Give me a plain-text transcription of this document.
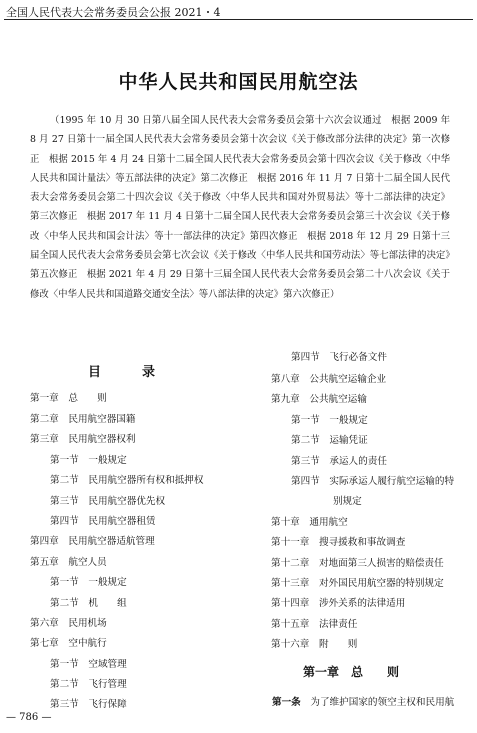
全国人民代表大会常务委员会公报 2021・4
中华人民共和国民用航空法
（1995 年 10 月 30 日第八届全国人民代表大会常务委员会第十六次会议通过　根据 2009 年 8 月 27 日第十一届全国人民代表大会常务委员会第十次会议《关于修改部分法律的决定》第一次修正　根据 2015 年 4 月 24 日第十二届全国人民代表大会常务委员会第十四次会议《关于修改〈中华人民共和国计量法〉等五部法律的决定》第二次修正　根据 2016 年 11 月 7 日第十二届全国人民代表大会常务委员会第二十四次会议《关于修改〈中华人民共和国对外贸易法〉等十二部法律的决定》第三次修正　根据 2017 年 11 月 4 日第十二届全国人民代表大会常务委员会第三十次会议《关于修改〈中华人民共和国会计法〉等十一部法律的决定》第四次修正　根据 2018 年 12 月 29 日第十三届全国人民代表大会常务委员会第七次会议《关于修改〈中华人民共和国劳动法〉等七部法律的决定》第五次修正　根据 2021 年 4 月 29 日第十三届全国人民代表大会常务委员会第二十八次会议《关于修改〈中华人民共和国道路交通安全法〉等八部法律的决定》第六次修正）
目　录
第一章　总　　则
第二章　民用航空器国籍
第三章　民用航空器权利
第一节　一般规定
第二节　民用航空器所有权和抵押权
第三节　民用航空器优先权
第四节　民用航空器租赁
第四章　民用航空器适航管理
第五章　航空人员
第一节　一般规定
第二节　机　　组
第六章　民用机场
第七章　空中航行
第一节　空域管理
第二节　飞行管理
第三节　飞行保障
第四节　飞行必备文件
第八章　公共航空运输企业
第九章　公共航空运输
第一节　一般规定
第二节　运输凭证
第三节　承运人的责任
第四节　实际承运人履行航空运输的特
别规定
第十章　通用航空
第十一章　搜寻援救和事故调查
第十二章　对地面第三人损害的赔偿责任
第十三章　对外国民用航空器的特别规定
第十四章　涉外关系的法律适用
第十五章　法律责任
第十六章　附　　则
第一章　总　　则
第一条　 为了维护国家的领空主权和民用航
— 786 —
